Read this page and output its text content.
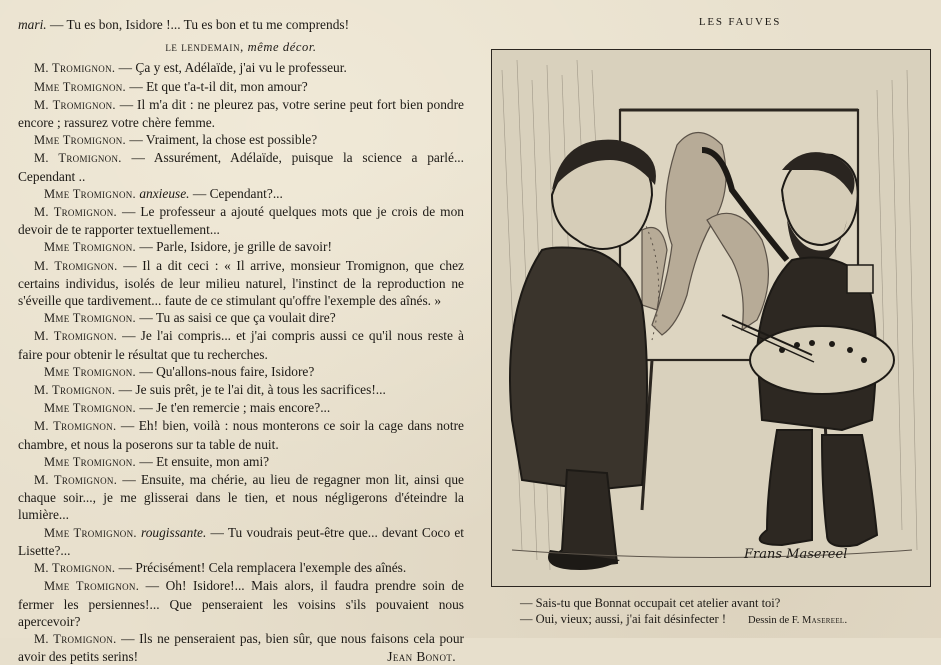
mari. — Tu es bon, Isidore !... Tu es bon et tu me comprends!

le lendemain, même décor.

M. Tromignon. — Ça y est, Adélaïde, j'ai vu le professeur.

Mme Tromignon. — Et que t'a-t-il dit, mon amour?

M. Tromignon. — Il m'a dit : ne pleurez pas, votre serine peut fort bien pondre encore ; rassurez votre chère femme.

Mme Tromignon. — Vraiment, la chose est possible?

M. Tromignon. — Assurément, Adélaïde, puisque la science a parlé... Cependant ..

Mme Tromignon. anxieuse. — Cependant?...

M. Tromignon. — Le professeur a ajouté quelques mots que je crois de mon devoir de te rapporter textuellement...

Mme Tromignon. — Parle, Isidore, je grille de savoir!

M. Tromignon. — Il a dit ceci : « Il arrive, monsieur Tromignon, que chez certains individus, isolés de leur milieu naturel, l'instinct de la reproduction ne s'éveille que tardivement... faute de ce stimulant qu'offre l'exemple des aînés. »

Mme Tromignon. — Tu as saisi ce que ça voulait dire?

M. Tromignon. — Je l'ai compris... et j'ai compris aussi ce qu'il nous reste à faire pour obtenir le résultat que tu recherches.

Mme Tromignon. — Qu'allons-nous faire, Isidore?

M. Tromignon. — Je suis prêt, je te l'ai dit, à tous les sacrifices!...

Mme Tromignon. — Je t'en remercie ; mais encore?...

M. Tromignon. — Eh! bien, voilà : nous monterons ce soir la cage dans notre chambre, et nous la poserons sur ta table de nuit.

Mme Tromignon. — Et ensuite, mon ami?

M. Tromignon. — Ensuite, ma chérie, au lieu de regagner mon lit, ainsi que chaque soir..., je me glisserai dans le tien, et nous négligerons d'éteindre la lumière...

Mme Tromignon. rougissante. — Tu voudrais peut-être que... devant Coco et Lisette?...

M. Tromignon. — Précisément! Cela remplacera l'exemple des aînés.

Mme Tromignon. — Oh! Isidore!... Mais alors, il faudra prendre soin de fermer les persiennes!... Que penseraient les voisins s'ils pouvaient nous apercevoir?

M. Tromignon. — Ils ne penseraient pas, bien sûr, que nous faisons cela pour avoir des petits serins!	Jean Bonot.

LES FAUVES
Frans Masereel

— Sais-tu que Bonnat occupait cet atelier avant toi?

— Oui, vieux; aussi, j'ai fait désinfecter ! Dessin de F. Masereel.
